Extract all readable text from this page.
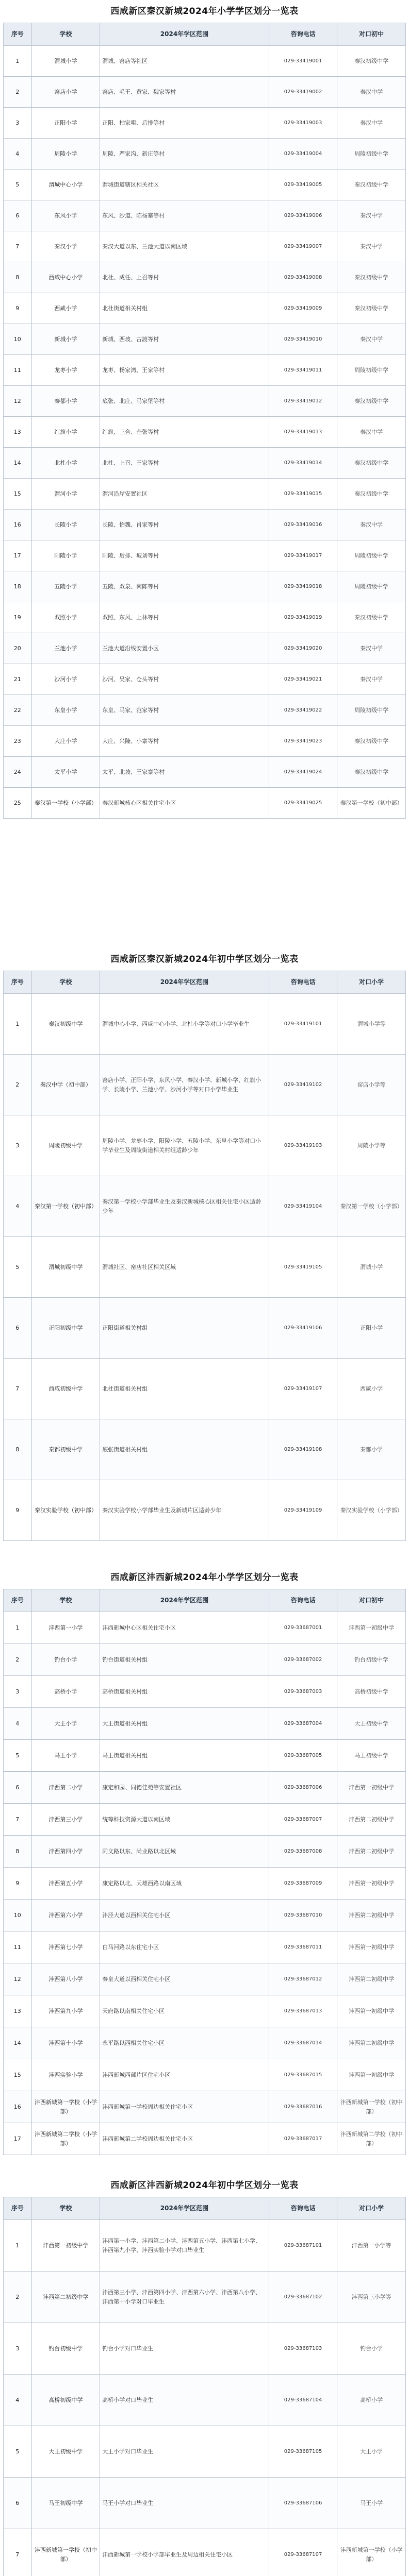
西咸新区秦汉新城2024年小学学区划分一览表
序号	学校	2024年学区范围	咨询电话	对口初中
1	渭城小学	渭城、窑店等社区	029-33419001	秦汉初级中学
2	窑店小学	窑店、毛王、黄家、魏家等村	029-33419002	秦汉中学
3	正阳小学	正阳、柏家咀、后排等村	029-33419003	秦汉中学
4	周陵小学	周陵、严家沟、新庄等村	029-33419004	周陵初级中学
5	渭城中心小学	渭城街道辖区相关社区	029-33419005	秦汉初级中学
6	东风小学	东风、沙道、陈杨寨等村	029-33419006	秦汉中学
7	秦汉小学	秦汉大道以东、兰池大道以南区域	029-33419007	秦汉中学
8	西咸中心小学	北杜、成任、上召等村	029-33419008	秦汉初级中学
9	西咸小学	北杜街道相关村组	029-33419009	秦汉初级中学
10	新城小学	新城、西坡、古渡等村	029-33419010	秦汉中学
11	龙枣小学	龙枣、杨家湾、王家等村	029-33419011	周陵初级中学
12	秦都小学	底张、北庄、马家堡等村	029-33419012	秦汉初级中学
13	红旗小学	红旗、三合、仓张等村	029-33419013	秦汉中学
14	北杜小学	北杜、上召、王家等村	029-33419014	秦汉初级中学
15	渭河小学	渭河沿岸安置社区	029-33419015	秦汉初级中学
16	长陵小学	长陵、怡魏、肖家等村	029-33419016	秦汉中学
17	阳陵小学	阳陵、后排、坡刘等村	029-33419017	周陵初级中学
18	五陵小学	五陵、双泉、南陈等村	029-33419018	周陵初级中学
19	双照小学	双照、东风、上林等村	029-33419019	秦汉初级中学
20	兰池小学	兰池大道沿线安置小区	029-33419020	秦汉中学
21	沙河小学	沙河、吴家、仓头等村	029-33419021	秦汉中学
22	东皇小学	东皇、马家、范家等村	029-33419022	周陵初级中学
23	大庄小学	大庄、兴隆、小寨等村	029-33419023	秦汉初级中学
24	太平小学	太平、北坡、王家寨等村	029-33419024	秦汉初级中学
25	秦汉第一学校（小学部）	秦汉新城核心区相关住宅小区	029-33419025	秦汉第一学校（初中部）
西咸新区秦汉新城2024年初中学区划分一览表
序号	学校	2024年学区范围	咨询电话	对口小学
1	秦汉初级中学	渭城中心小学、西咸中心小学、北杜小学等对口小学毕业生	029-33419101	渭城小学等
2	秦汉中学（初中部）	窑店小学、正阳小学、东风小学、秦汉小学、新城小学、红旗小学、长陵小学、兰池小学、沙河小学等对口小学毕业生	029-33419102	窑店小学等
3	周陵初级中学	周陵小学、龙枣小学、阳陵小学、五陵小学、东皇小学等对口小学毕业生及周陵街道相关村组适龄少年	029-33419103	周陵小学等
4	秦汉第一学校（初中部）	秦汉第一学校小学部毕业生及秦汉新城核心区相关住宅小区适龄少年	029-33419104	秦汉第一学校（小学部）
5	渭城初级中学	渭城社区、窑店社区相关区域	029-33419105	渭城小学
6	正阳初级中学	正阳街道相关村组	029-33419106	正阳小学
7	西咸初级中学	北杜街道相关村组	029-33419107	西咸小学
8	秦都初级中学	底张街道相关村组	029-33419108	秦都小学
9	秦汉实验学校（初中部）	秦汉实验学校小学部毕业生及新城片区适龄少年	029-33419109	秦汉实验学校（小学部）
西咸新区沣西新城2024年小学学区划分一览表
序号	学校	2024年学区范围	咨询电话	对口初中
1	沣西第一小学	沣西新城中心区相关住宅小区	029-33687001	沣西第一初级中学
2	钓台小学	钓台街道相关村组	029-33687002	钓台初级中学
3	高桥小学	高桥街道相关村组	029-33687003	高桥初级中学
4	大王小学	大王街道相关村组	029-33687004	大王初级中学
5	马王小学	马王街道相关村组	029-33687005	马王初级中学
6	沣西第二小学	康定和园、同德佳苑等安置社区	029-33687006	沣西第一初级中学
7	沣西第三小学	统筹科技资源大道以南区域	029-33687007	沣西第二初级中学
8	沣西第四小学	同文路以东、尚业路以北区域	029-33687008	沣西第二初级中学
9	沣西第五小学	康定路以北、天雄西路以南区域	029-33687009	沣西第一初级中学
10	沣西第六小学	沣泾大道以西相关住宅小区	029-33687010	沣西第二初级中学
11	沣西第七小学	白马河路以东住宅小区	029-33687011	沣西第一初级中学
12	沣西第八小学	秦皇大道以西相关住宅小区	029-33687012	沣西第二初级中学
13	沣西第九小学	天府路以南相关住宅小区	029-33687013	沣西第一初级中学
14	沣西第十小学	永平路以西相关住宅小区	029-33687014	沣西第二初级中学
15	沣西实验小学	沣西新城西部片区住宅小区	029-33687015	沣西第一初级中学
16	沣西新城第一学校（小学部）	沣西新城第一学校周边相关住宅小区	029-33687016	沣西新城第一学校（初中部）
17	沣西新城第二学校（小学部）	沣西新城第二学校周边相关住宅小区	029-33687017	沣西新城第二学校（初中部）
西咸新区沣西新城2024年初中学区划分一览表
序号	学校	2024年学区范围	咨询电话	对口小学
1	沣西第一初级中学	沣西第一小学、沣西第二小学、沣西第五小学、沣西第七小学、沣西第九小学、沣西实验小学对口毕业生	029-33687101	沣西第一小学等
2	沣西第二初级中学	沣西第三小学、沣西第四小学、沣西第六小学、沣西第八小学、沣西第十小学对口毕业生	029-33687102	沣西第三小学等
3	钓台初级中学	钓台小学对口毕业生	029-33687103	钓台小学
4	高桥初级中学	高桥小学对口毕业生	029-33687104	高桥小学
5	大王初级中学	大王小学对口毕业生	029-33687105	大王小学
6	马王初级中学	马王小学对口毕业生	029-33687106	马王小学
7	沣西新城第一学校（初中部）	沣西新城第一学校小学部毕业生及周边相关住宅小区	029-33687107	沣西新城第一学校（小学部）
